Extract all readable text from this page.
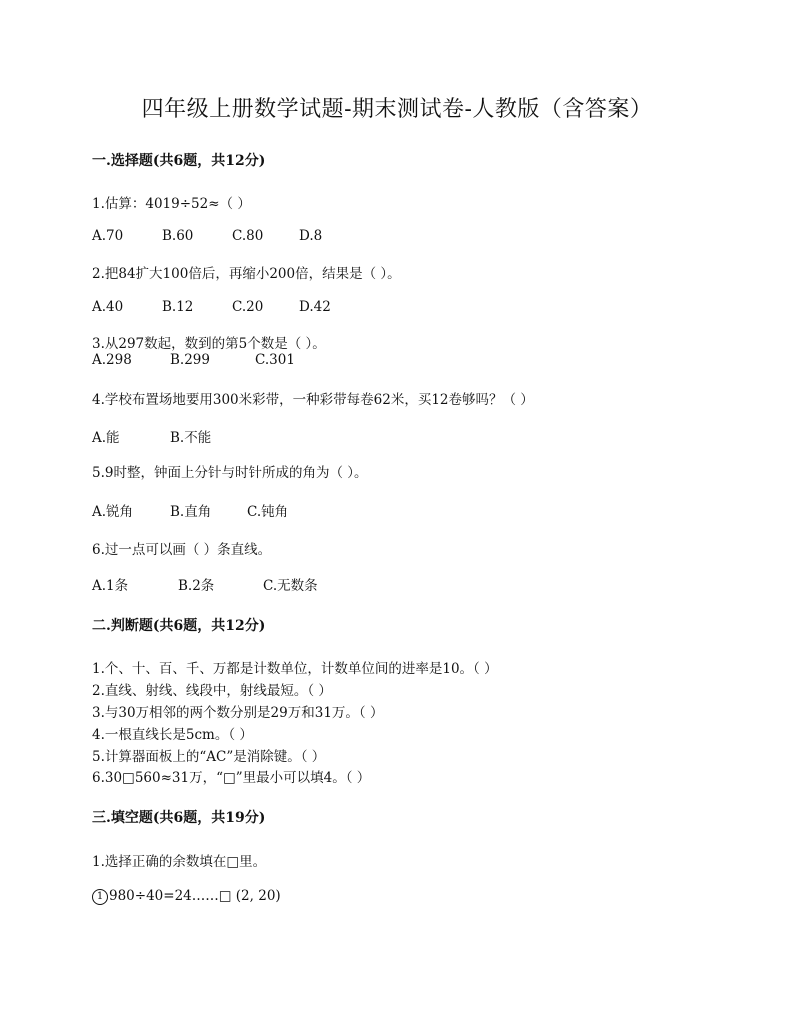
四年级上册数学试题-期末测试卷-人教版（含答案）
一.选择题(共6题，共12分)
1.估算：4019÷52≈（ ）
A.70	B.60	C.80	D.8
2.把84扩大100倍后，再缩小200倍，结果是（ ）。
A.40	B.12	C.20	D.42
3.从297数起，数到的第5个数是（ ）。
A.298	B.299	C.301
4.学校布置场地要用300米彩带，一种彩带每卷62米，买12卷够吗？（ ）
A.能	B.不能
5.9时整，钟面上分针与时针所成的角为（ ）。
A.锐角	B.直角	C.钝角
6.过一点可以画（ ）条直线。
A.1条	B.2条	C.无数条
二.判断题(共6题，共12分)
1.个、十、百、千、万都是计数单位，计数单位间的进率是10。（ ）
2.直线、射线、线段中，射线最短。（ ）
3.与30万相邻的两个数分别是29万和31万。（ ）
4.一根直线长是5cm。（ ）
5.计算器面板上的“AC”是消除键。（ ）
6.30□560≈31万，“□”里最小可以填4。（ ）
三.填空题(共6题，共19分)
1.选择正确的余数填在□里。
1 980÷40=24……□ (2, 20)
